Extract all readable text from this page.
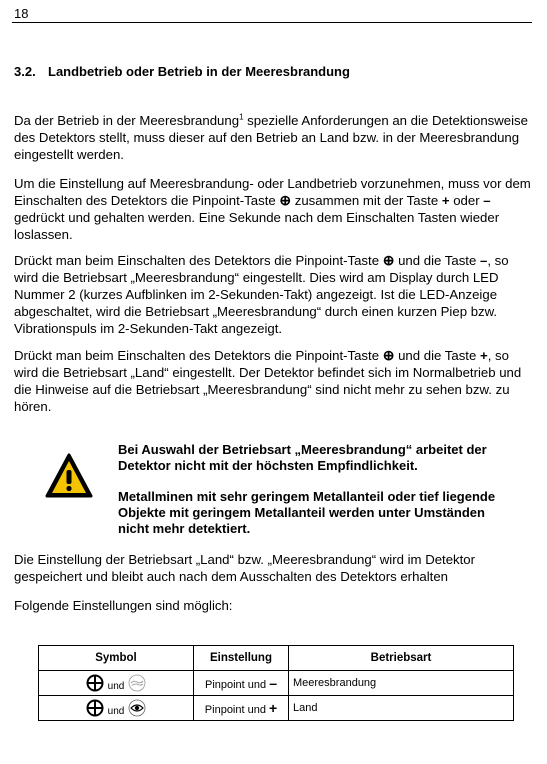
18
3.2. Landbetrieb oder Betrieb in der Meeresbrandung

Da der Betrieb in der Meeresbrandung$^1$ spezielle Anforderungen an die Detektionsweise des Detektors stellt, muss dieser auf den Betrieb an Land bzw. in der Meeresbrandung eingestellt werden.

Um die Einstellung auf Meeresbrandung- oder Landbetrieb vorzunehmen, muss vor dem Einschalten des Detektors die Pinpoint-Taste ⊕ zusammen mit der Taste + oder – gedrückt und gehalten werden. Eine Sekunde nach dem Einschalten Tasten wieder loslassen.

Drückt man beim Einschalten des Detektors die Pinpoint-Taste ⊕ und die Taste –, so wird die Betriebsart „Meeresbrandung“ eingestellt. Dies wird am Display durch LED Nummer 2 (kurzes Aufblinken im 2-Sekunden-Takt) angezeigt. Ist die LED-Anzeige abgeschaltet, wird die Betriebsart „Meeresbrandung“ durch einen kurzen Piep bzw. Vibrationspuls im 2-Sekunden-Takt angezeigt.

Drückt man beim Einschalten des Detektors die Pinpoint-Taste ⊕ und die Taste +, so wird die Betriebsart „Land“ eingestellt. Der Detektor befindet sich im Normalbetrieb und die Hinweise auf die Betriebsart „Meeresbrandung“ sind nicht mehr zu sehen bzw. zu hören.

Bei Auswahl der Betriebsart „Meeresbrandung“ arbeitet der Detektor nicht mit der höchsten Empfindlichkeit.

Metallminen mit sehr geringem Metallanteil oder tief liegende Objekte mit geringem Metallanteil werden unter Umständen nicht mehr detektiert.

Die Einstellung der Betriebsart „Land“ bzw. „Meeresbrandung“ wird im Detektor gespeichert und bleibt auch nach dem Ausschalten des Detektors erhalten

Folgende Einstellungen sind möglich:

Symbol	Einstellung	Betriebsart

und	Pinpoint und –	Meeresbrandung

und	Pinpoint und +	Land
